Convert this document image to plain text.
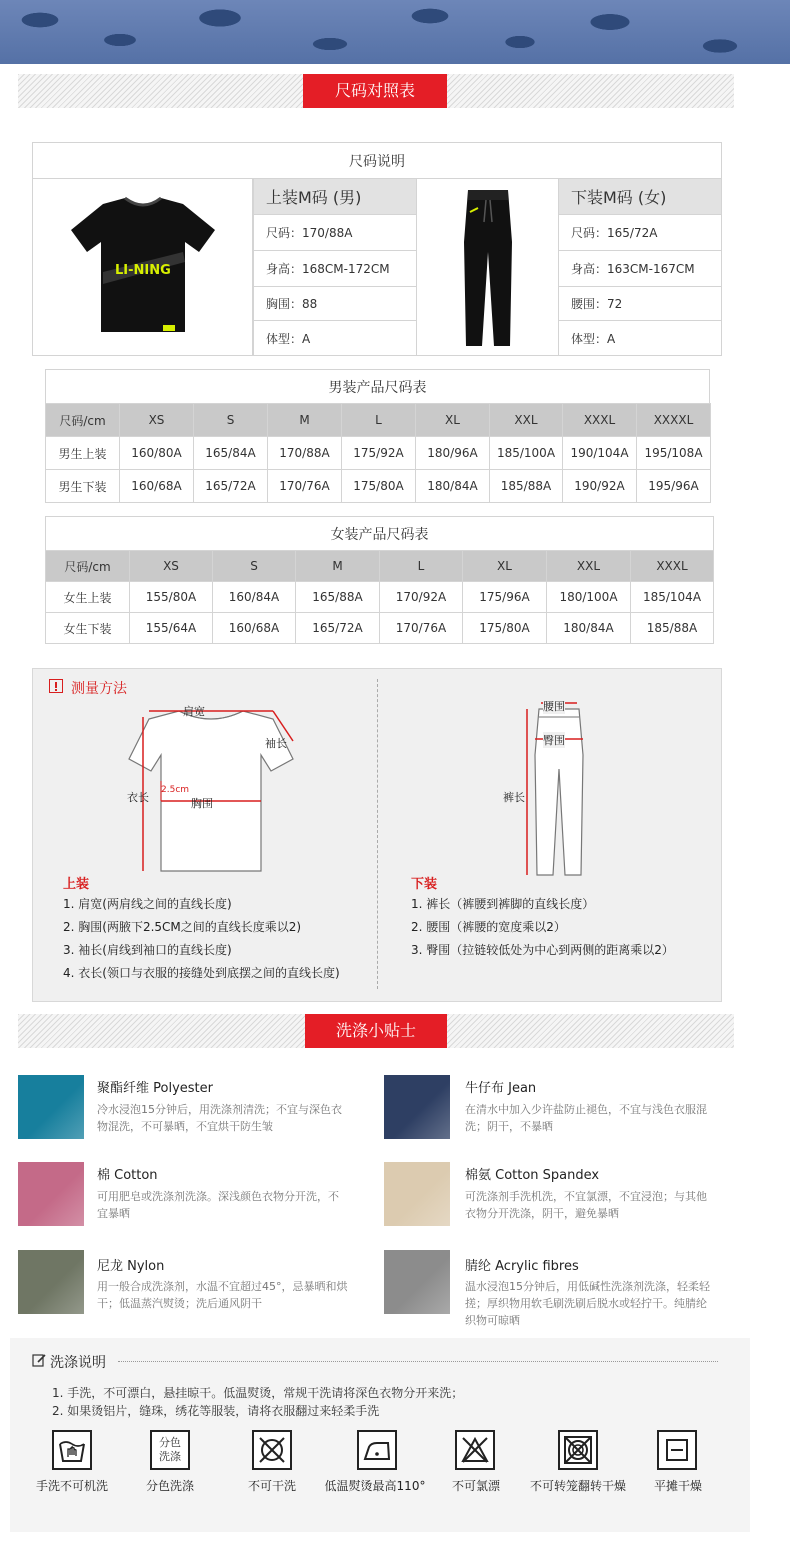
尺码对照表
尺码说明
LI-NING
上装M码 (男)
尺码：170/88A
身高：168CM-172CM
胸围：88
体型：A
下装M码 (女)
尺码：165/72A
身高：163CM-167CM
腰围：72
体型：A
男装产品尺码表
尺码/cm	XS	S	M	L	XL	XXL	XXXL	XXXXL
男生上装	160/80A	165/84A	170/88A	175/92A	180/96A	185/100A	190/104A	195/108A
男生下装	160/68A	165/72A	170/76A	175/80A	180/84A	185/88A	190/92A	195/96A
女装产品尺码表
尺码/cm	XS	S	M	L	XL	XXL	XXXL
女生上装	155/80A	160/84A	165/88A	170/92A	175/96A	180/100A	185/104A
女生下装	155/64A	160/68A	165/72A	170/76A	175/80A	180/84A	185/88A
测量方法
肩宽
袖长
衣长
2.5cm
胸围
腰围
臀围
裤长
上装
1. 肩宽(两肩线之间的直线长度)
2. 胸围(两腋下2.5CM之间的直线长度乘以2)
3. 袖长(肩线到袖口的直线长度)
4. 衣长(领口与衣服的接缝处到底摆之间的直线长度)
下装
1. 裤长（裤腰到裤脚的直线长度）
2. 腰围（裤腰的宽度乘以2）
3. 臀围（拉链较低处为中心到两侧的距离乘以2）
洗涤小贴士
聚酯纤维 Polyester
冷水浸泡15分钟后，用洗涤剂清洗；不宜与深色衣物混洗，不可暴晒，不宜烘干防生皱
牛仔布 Jean
在清水中加入少许盐防止褪色，不宜与浅色衣服混洗；阴干，不暴晒
棉 Cotton
可用肥皂或洗涤剂洗涤。深浅颜色衣物分开洗，不宜暴晒
棉氨 Cotton Spandex
可洗涤剂手洗机洗，不宜氯漂，不宜浸泡；与其他衣物分开洗涤，阴干，避免暴晒
尼龙 Nylon
用一般合成洗涤剂，水温不宜超过45°，忌暴晒和烘干；低温蒸汽熨烫；洗后通风阴干
腈纶 Acrylic fibres
温水浸泡15分钟后，用低碱性洗涤剂洗涤，轻柔轻搓；厚织物用软毛刷洗刷后脱水或轻拧干。纯腈纶织物可晾晒
洗涤说明
1. 手洗，不可漂白，悬挂晾干。低温熨烫，常规干洗请将深色衣物分开来洗；
2. 如果烫铝片，缝珠，绣花等服装，请将衣服翻过来轻柔手洗
手洗不可机洗
分色
洗涤
分色洗涤	不可干洗	低温熨烫最高110°	不可氯漂	不可转笼翻转干燥	平摊干燥
